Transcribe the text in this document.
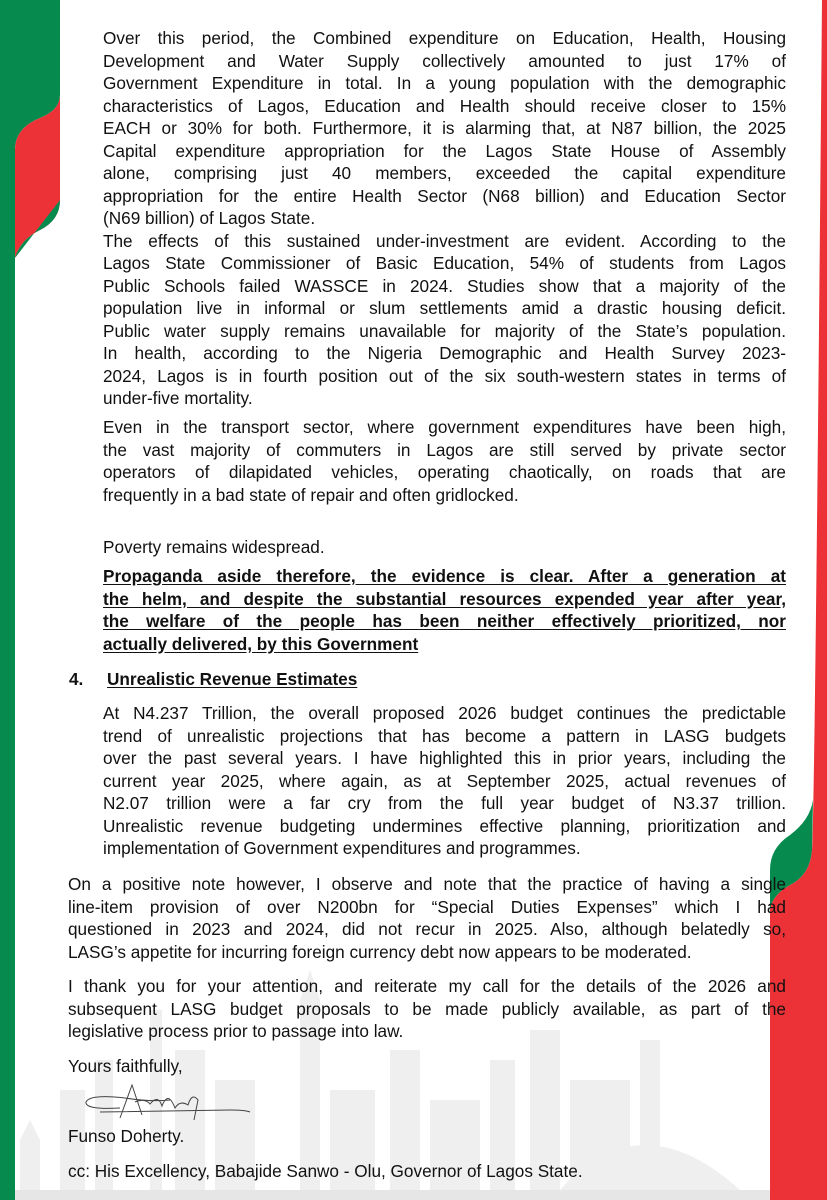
Over this period, the Combined expenditure on Education, Health, Housing
Development and Water Supply collectively amounted to just 17% of
Government Expenditure in total. In a young population with the demographic
characteristics of Lagos, Education and Health should receive closer to 15%
EACH or 30% for both. Furthermore, it is alarming that, at N87 billion, the 2025
Capital expenditure appropriation for the Lagos State House of Assembly
alone, comprising just 40 members, exceeded the capital expenditure
appropriation for the entire Health Sector (N68 billion) and Education Sector
(N69 billion) of Lagos State.
The effects of this sustained under-investment are evident. According to the
Lagos State Commissioner of Basic Education, 54% of students from Lagos
Public Schools failed WASSCE in 2024. Studies show that a majority of the
population live in informal or slum settlements amid a drastic housing deficit.
Public water supply remains unavailable for majority of the State’s population.
In health, according to the Nigeria Demographic and Health Survey 2023-
2024, Lagos is in fourth position out of the six south-western states in terms of
under-five mortality.
Even in the transport sector, where government expenditures have been high,
the vast majority of commuters in Lagos are still served by private sector
operators of dilapidated vehicles, operating chaotically, on roads that are
frequently in a bad state of repair and often gridlocked.
Poverty remains widespread.
Propaganda aside therefore, the evidence is clear. After a generation at
the helm, and despite the substantial resources expended year after year,
the welfare of the people has been neither effectively prioritized, nor
actually delivered, by this Government
At N4.237 Trillion, the overall proposed 2026 budget continues the predictable
trend of unrealistic projections that has become a pattern in LASG budgets
over the past several years. I have highlighted this in prior years, including the
current year 2025, where again, as at September 2025, actual revenues of
N2.07 trillion were a far cry from the full year budget of N3.37 trillion.
Unrealistic revenue budgeting undermines effective planning, prioritization and
implementation of Government expenditures and programmes.
On a positive note however, I observe and note that the practice of having a single
line-item provision of over N200bn for “Special Duties Expenses” which I had
questioned in 2023 and 2024, did not recur in 2025. Also, although belatedly so,
LASG’s appetite for incurring foreign currency debt now appears to be moderated.
I thank you for your attention, and reiterate my call for the details of the 2026 and
subsequent LASG budget proposals to be made publicly available, as part of the
legislative process prior to passage into law.
Yours faithfully,
Funso Doherty.
cc: His Excellency, Babajide Sanwo - Olu, Governor of Lagos State.
4. Unrealistic Revenue Estimates
